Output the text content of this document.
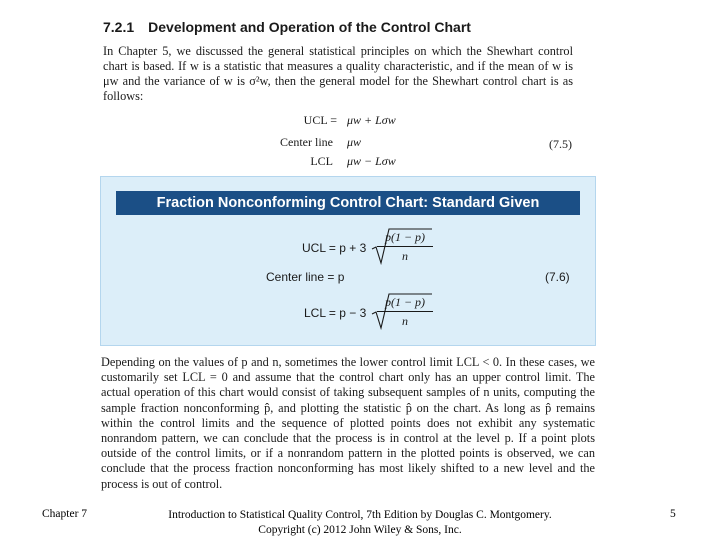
7.2.1 Development and Operation of the Control Chart

In Chapter 5, we discussed the general statistical principles on which the Shewhart control chart is based. If w is a statistic that measures a quality characteristic, and if the mean of w is μw and the variance of w is σ²w, then the general model for the Shewhart control chart is as follows:

UCL = μw + Lσw
Center line μw
LCL μw − Lσw
(7.5)
Fraction Nonconforming Control Chart: Standard Given
UCL = $p + 3 \frac{p(1 - p)}{n}$
Center line = p	(7.6)
LCL = $p - 3 \frac{p(1 - p)}{n}$

Depending on the values of p and n, sometimes the lower control limit LCL < 0. In these cases, we customarily set LCL = 0 and assume that the control chart only has an upper control limit. The actual operation of this chart would consist of taking subsequent samples of n units, computing the sample fraction nonconforming p̂, and plotting the statistic p̂ on the chart. As long as p̂ remains within the control limits and the sequence of plotted points does not exhibit any systematic nonrandom pattern, we can conclude that the process is in control at the level p. If a point plots outside of the control limits, or if a nonrandom pattern in the plotted points is observed, we can conclude that the process fraction nonconforming has most likely shifted to a new level and the process is out of control.

Chapter 7	Introduction to Statistical Quality Control, 7th Edition by Douglas C. Montgomery.
Copyright (c) 2012 John Wiley & Sons, Inc.
5
